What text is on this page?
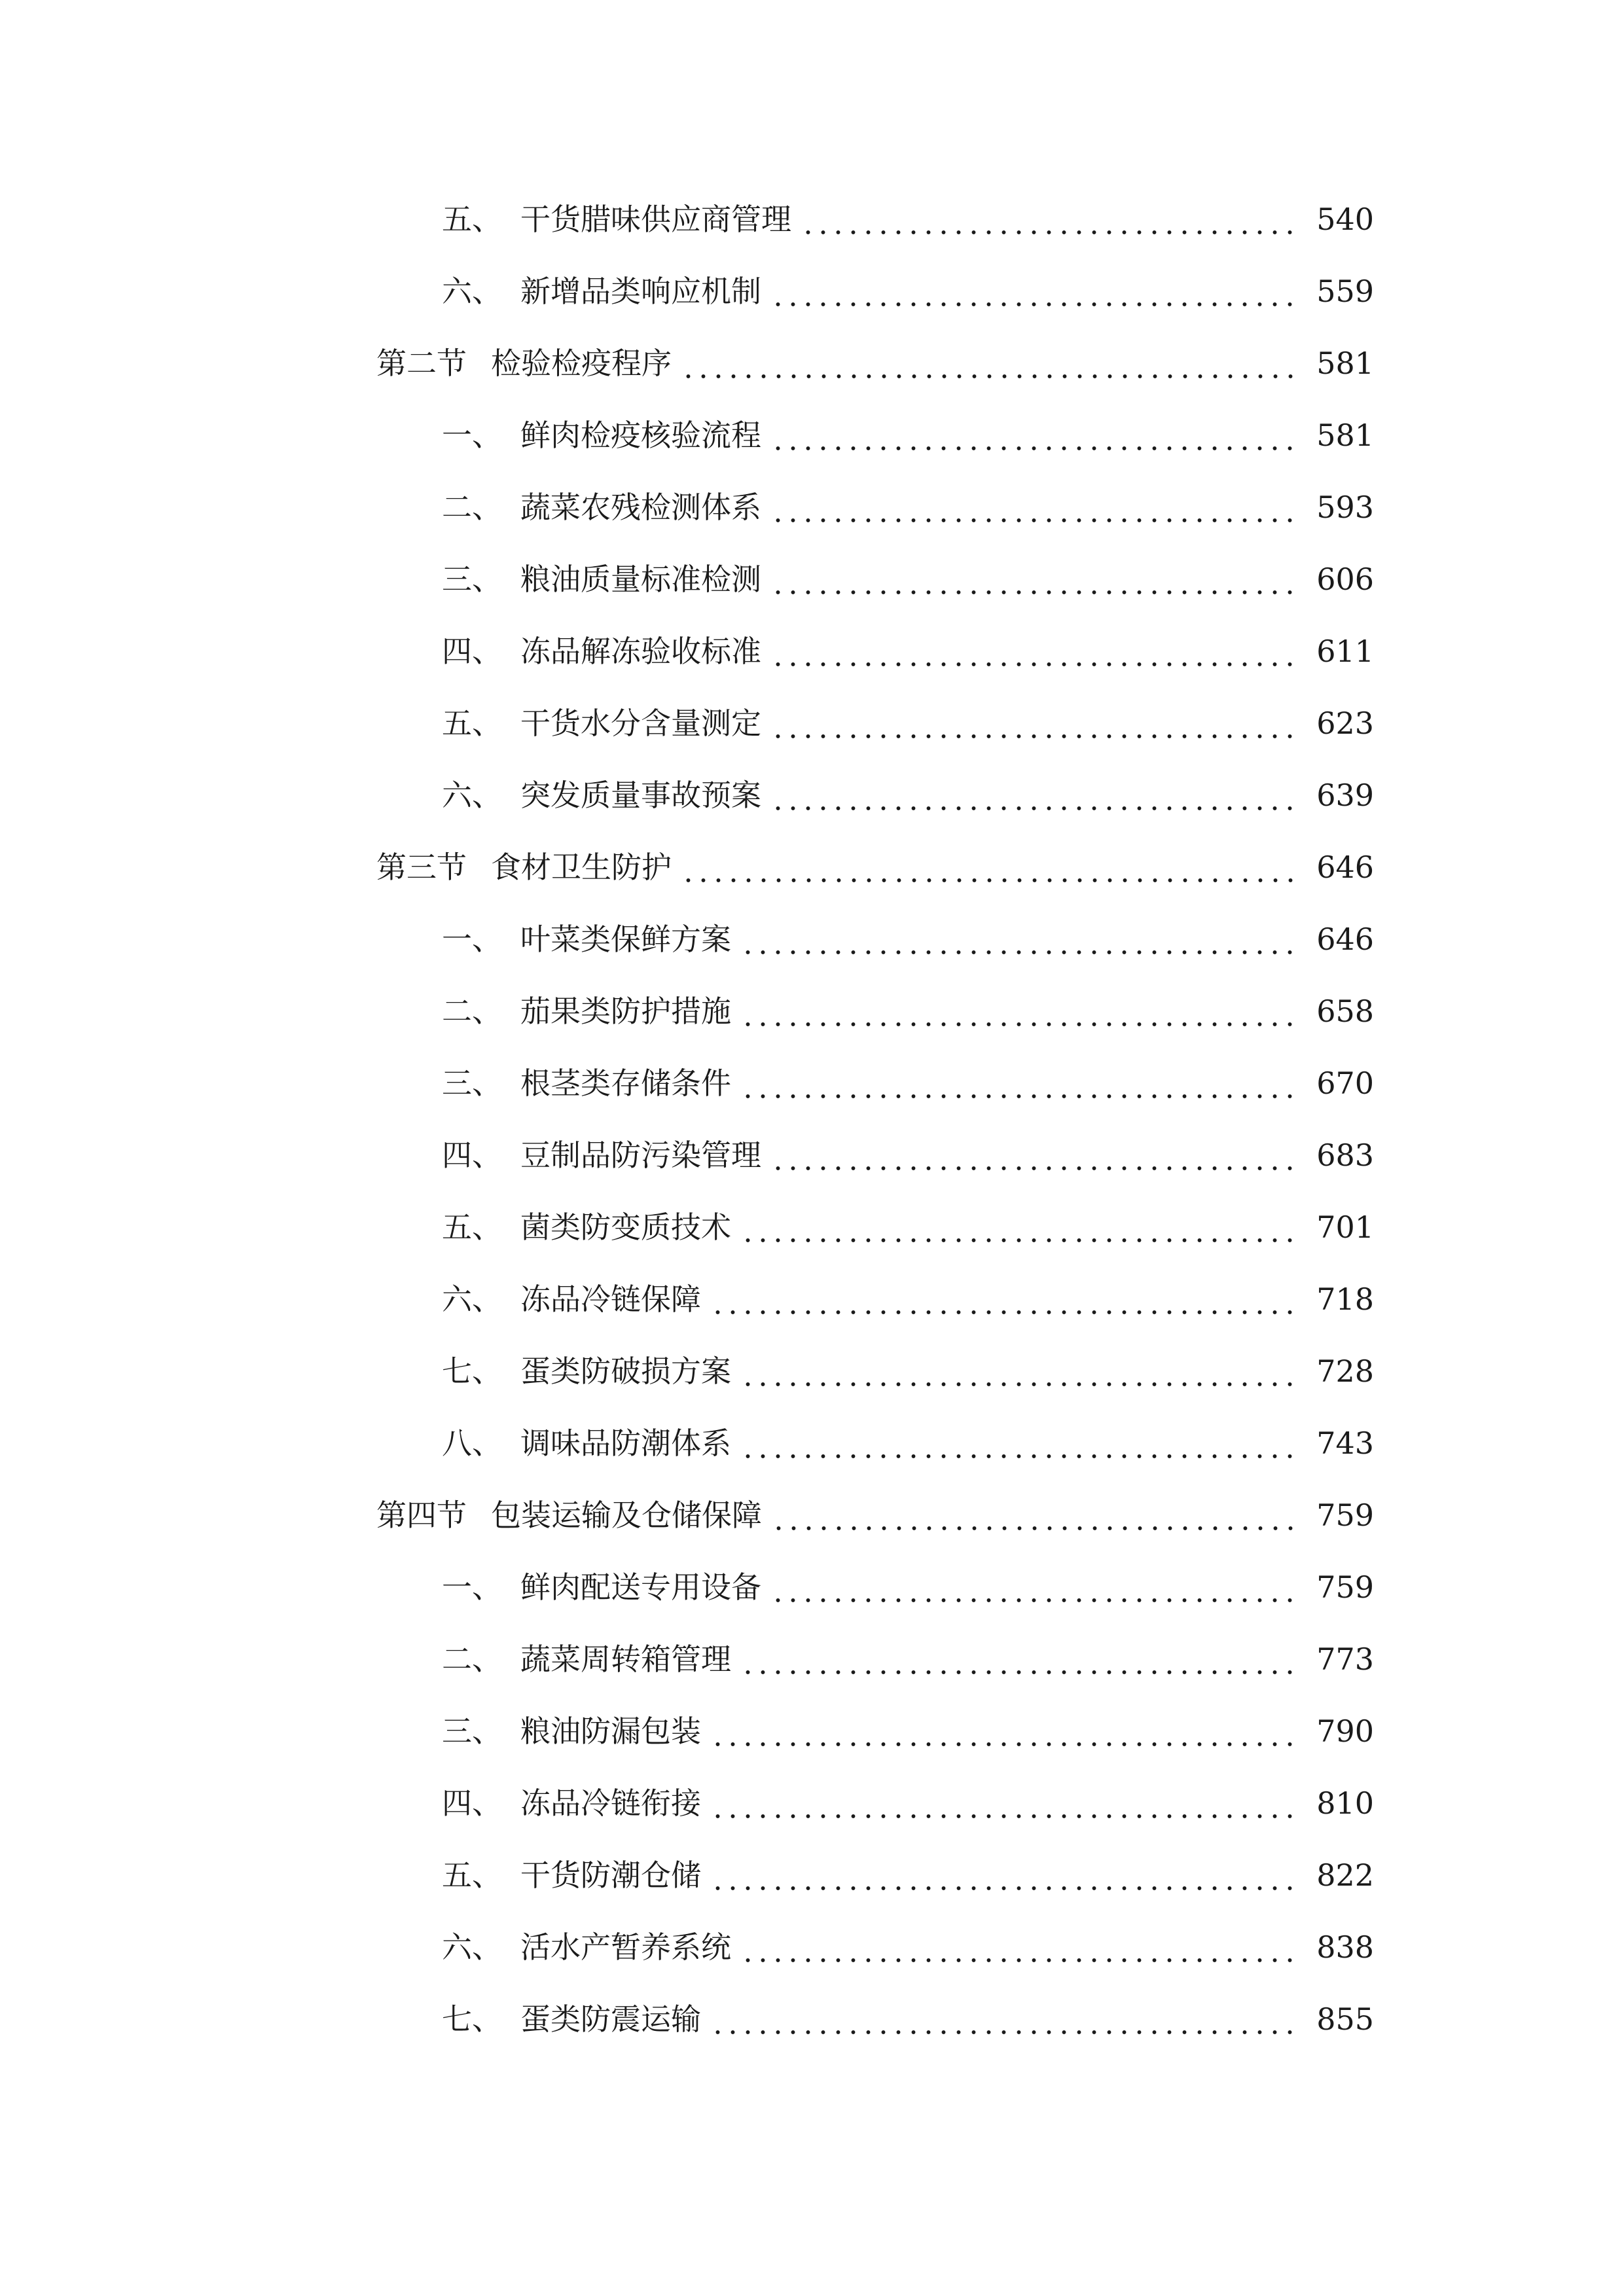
五、 干货腊味供应商管理	540
六、 新增品类响应机制	559
第二节 检验检疫程序	581
一、 鲜肉检疫核验流程	581
二、 蔬菜农残检测体系	593
三、 粮油质量标准检测	606
四、 冻品解冻验收标准	611
五、 干货水分含量测定	623
六、 突发质量事故预案	639
第三节 食材卫生防护	646
一、 叶菜类保鲜方案	646
二、 茄果类防护措施	658
三、 根茎类存储条件	670
四、 豆制品防污染管理	683
五、 菌类防变质技术	701
六、 冻品冷链保障	718
七、 蛋类防破损方案	728
八、 调味品防潮体系	743
第四节 包装运输及仓储保障	759
一、 鲜肉配送专用设备	759
二、 蔬菜周转箱管理	773
三、 粮油防漏包装	790
四、 冻品冷链衔接	810
五、 干货防潮仓储	822
六、 活水产暂养系统	838
七、 蛋类防震运输	855
